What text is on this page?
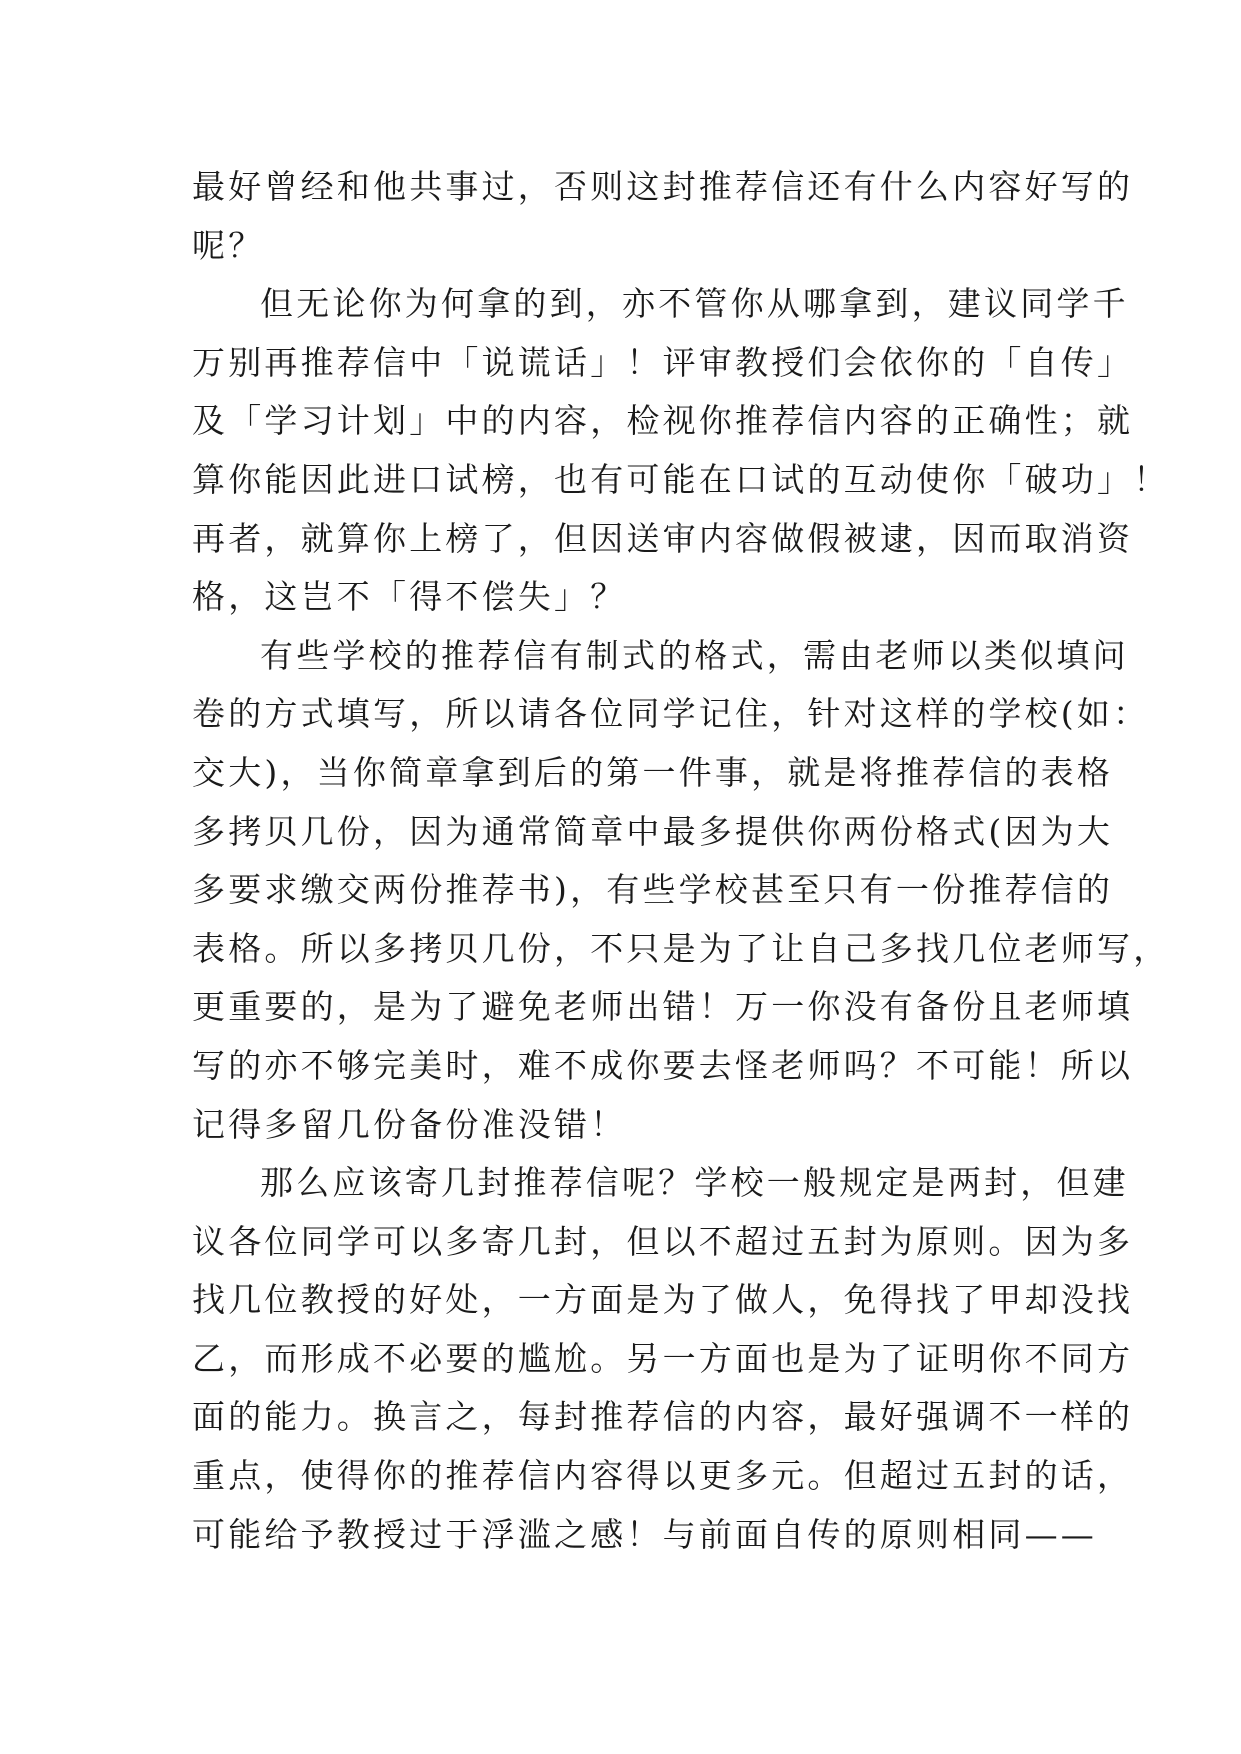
最好曾经和他共事过，否则这封推荐信还有什么内容好写的
呢？
但无论你为何拿的到，亦不管你从哪拿到，建议同学千
万别再推荐信中「说谎话」！评审教授们会依你的「自传」
及「学习计划」中的内容，检视你推荐信内容的正确性；就
算你能因此进口试榜，也有可能在口试的互动使你「破功」！
再者，就算你上榜了，但因送审内容做假被逮，因而取消资
格，这岂不「得不偿失」？
有些学校的推荐信有制式的格式，需由老师以类似填问
卷的方式填写，所以请各位同学记住，针对这样的学校(如：
交大)，当你简章拿到后的第一件事，就是将推荐信的表格
多拷贝几份，因为通常简章中最多提供你两份格式(因为大
多要求缴交两份推荐书)，有些学校甚至只有一份推荐信的
表格。所以多拷贝几份，不只是为了让自己多找几位老师写，
更重要的，是为了避免老师出错！万一你没有备份且老师填
写的亦不够完美时，难不成你要去怪老师吗？不可能！所以
记得多留几份备份准没错！
那么应该寄几封推荐信呢？学校一般规定是两封，但建
议各位同学可以多寄几封，但以不超过五封为原则。因为多
找几位教授的好处，一方面是为了做人，免得找了甲却没找
乙，而形成不必要的尴尬。另一方面也是为了证明你不同方
面的能力。换言之，每封推荐信的内容，最好强调不一样的
重点，使得你的推荐信内容得以更多元。但超过五封的话，
可能给予教授过于浮滥之感！与前面自传的原则相同——
